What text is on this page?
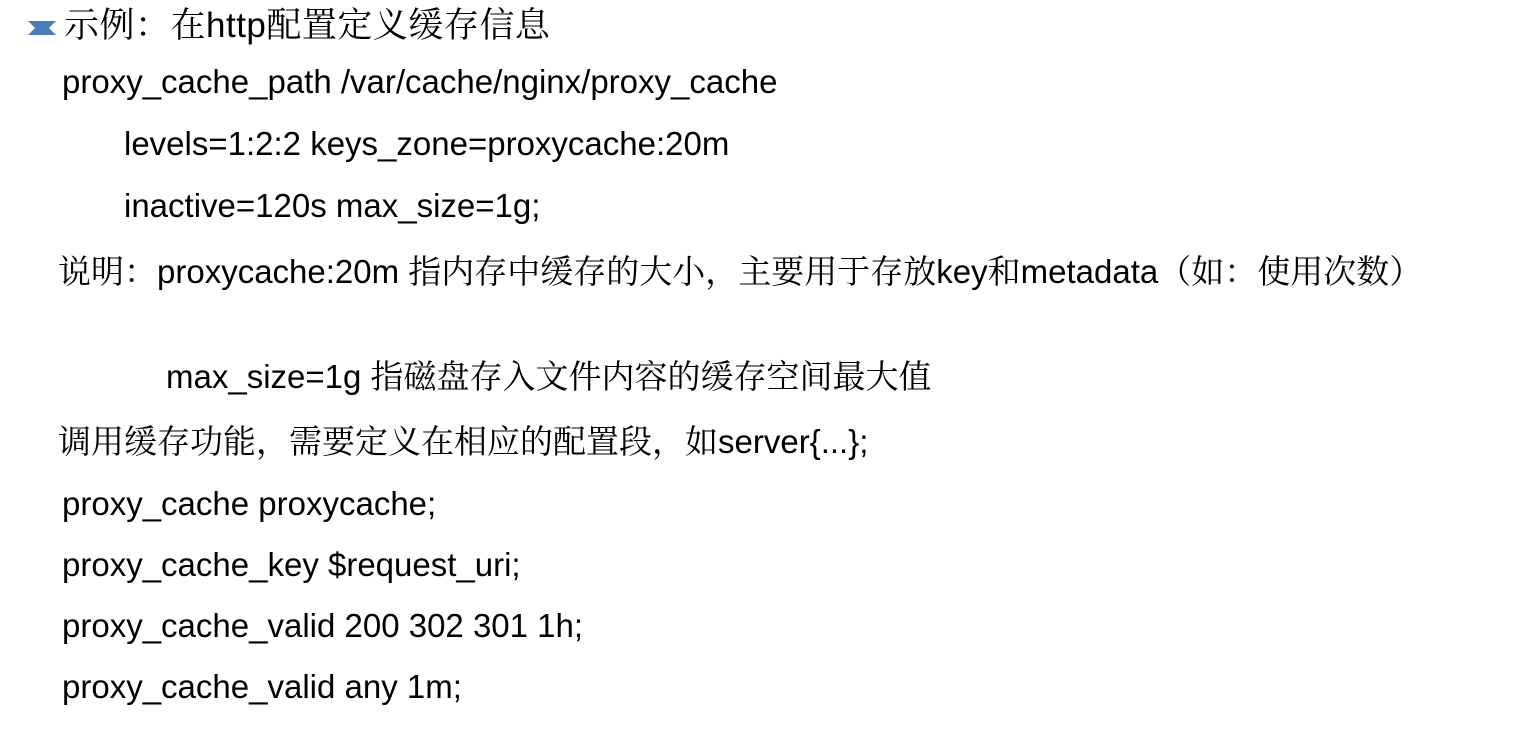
示例：在http配置定义缓存信息
proxy_cache_path /var/cache/nginx/proxy_cache
levels=1:2:2 keys_zone=proxycache:20m
inactive=120s max_size=1g;
说明：proxycache:20m 指内存中缓存的大小，主要用于存放key和metadata（如：使用次数）
max_size=1g 指磁盘存入文件内容的缓存空间最大值
调用缓存功能，需要定义在相应的配置段，如server{...};
proxy_cache proxycache;
proxy_cache_key $request_uri;
proxy_cache_valid 200 302 301 1h;
proxy_cache_valid any 1m;
